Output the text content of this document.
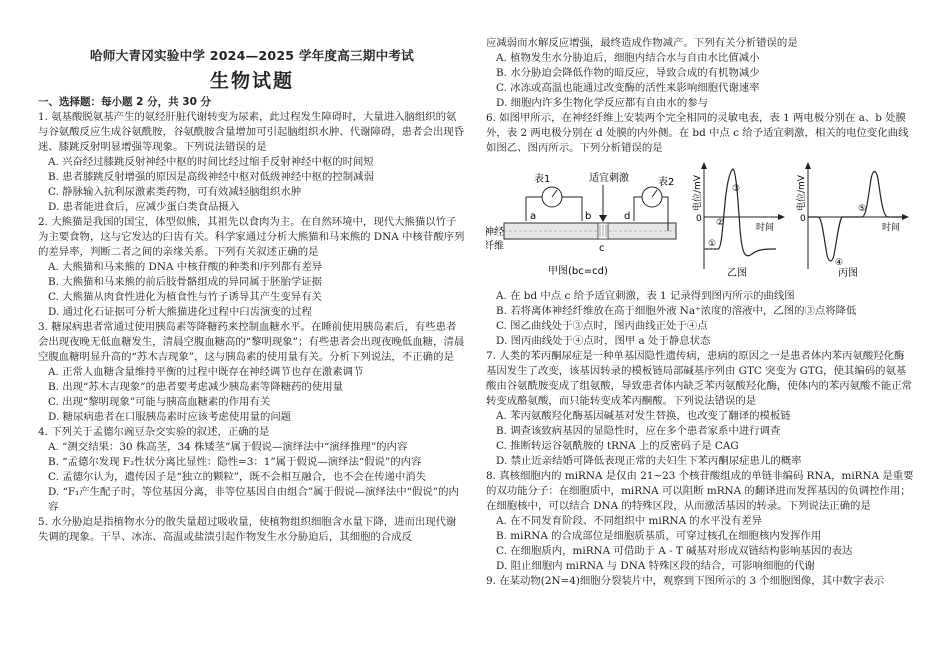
哈师大青冈实验中学 2024—2025 学年度高三期中考试
生物试题

一、选择题：每小题 2 分，共 30 分

1. 氨基酸脱氨基产生的氨经肝脏代谢转变为尿素，此过程发生障碍时，大量进入脑组织的氨与谷氨酸反应生成谷氨酰胺，谷氨酰胺含量增加可引起脑组织水肿、代谢障碍，患者会出现昏迷、膝跳反射明显增强等现象。下列说法错误的是

A. 兴奋经过膝跳反射神经中枢的时间比经过缩手反射神经中枢的时间短

B. 患者膝跳反射增强的原因是高级神经中枢对低级神经中枢的控制减弱

C. 静脉输入抗利尿激素类药物，可有效减轻脑组织水肿

D. 患者能进食后，应减少蛋白类食品摄入

2. 大熊猫是我国的国宝，体型似熊，其祖先以食肉为主。在自然环境中，现代大熊猫以竹子为主要食物，这与它发达的臼齿有关。科学家通过分析大熊猫和马来熊的 DNA 中核苷酸序列的差异率，判断二者之间的亲缘关系。下列有关叙述正确的是

A. 大熊猫和马来熊的 DNA 中核苷酸的种类和序列都有差异

B. 大熊猫和马来熊的前后肢骨骼组成的异同属于胚胎学证据

C. 大熊猫从肉食性进化为植食性与竹子诱导其产生变异有关

D. 通过化石证据可分析大熊猫进化过程中臼齿演变的过程

3. 糖尿病患者常通过使用胰岛素等降糖药来控制血糖水平。在睡前使用胰岛素后，有些患者会出现夜晚无低血糖发生，清晨空腹血糖高的“黎明现象”；有些患者会出现夜晚低血糖，清晨空腹血糖明显升高的“苏木吉现象”，这与胰岛素的使用量有关。分析下列说法，不正确的是

A. 正常人血糖含量维持平衡的过程中既存在神经调节也存在激素调节

B. 出现“苏木吉现象”的患者要考虑减少胰岛素等降糖药的使用量

C. 出现“黎明现象”可能与胰高血糖素的作用有关

D. 糖尿病患者在口服胰岛素时应该考虑使用量的问题

4. 下列关于孟德尔豌豆杂交实验的叙述，正确的是

A. “测交结果：30 株高茎，34 株矮茎”属于假说—演绎法中“演绎推理”的内容

B. “孟德尔发现 F₂性状分离比显性：隐性=3：1”属于假说—演绎法“假说”的内容

C. 孟德尔认为，遗传因子是“独立的颗粒”，既不会相互融合，也不会在传递中消失

D. “F₁产生配子时，等位基因分离，非等位基因自由组合”属于假说—演绎法中“假说”的内容

5. 水分胁迫是指植物水分的散失量超过吸收量，使植物组织细胞含水量下降，进而出现代谢失调的现象。干旱、冰冻、高温或盐渍引起作物发生水分胁迫后，其细胞的合成反

应减弱而水解反应增强，最终造成作物减产。下列有关分析错误的是

A. 植物发生水分胁迫后，细胞内结合水与自由水比值减小

B. 水分胁迫会降低作物的暗反应，导致合成的有机物减少

C. 冰冻或高温也能通过改变酶的活性来影响细胞代谢速率

D. 细胞内许多生物化学反应都有自由水的参与

6. 如图甲所示，在神经纤维上安装两个完全相同的灵敏电表，表 1 两电极分别在 a、b 处膜外，表 2 两电极分别在 d 处膜的内外侧。在 bd 中点 c 给予适宜刺激，相关的电位变化曲线如图乙、图丙所示。下列分析错误的是

适宜刺激
表1
a	b
c
表2
d
神经
纤维
甲图(bc=cd)
电位/mV
0
时间
①
②
③
乙图
电位/mV
0
时间
④
⑤
丙图

A. 在 bd 中点 c 给予适宜刺激，表 1 记录得到图丙所示的曲线图

B. 若将离体神经纤维放在高于细胞外液 Na⁺浓度的溶液中，乙图的③点将降低

C. 图乙曲线处于③点时，图丙曲线正处于④点

D. 图丙曲线处于④点时，图甲 a 处于静息状态

7. 人类的苯丙酮尿症是一种单基因隐性遗传病，患病的原因之一是患者体内苯丙氨酸羟化酶基因发生了改变，该基因转录的模板链局部碱基序列由 GTC 突变为 GTG，使其编码的氨基酸由谷氨酰胺变成了组氨酸，导致患者体内缺乏苯丙氨酸羟化酶，使体内的苯丙氨酸不能正常转变成酪氨酸，而只能转变成苯丙酮酸。下列说法错误的是

A. 苯丙氨酸羟化酶基因碱基对发生替换，也改变了翻译的模板链

B. 调查该致病基因的显隐性时，应在多个患者家系中进行调查

C. 推断转运谷氨酰胺的 tRNA 上的反密码子是 CAG

D. 禁止近亲结婚可降低表现正常的夫妇生下苯丙酮尿症患儿的概率

8. 真核细胞内的 miRNA 是仅由 21~23 个核苷酸组成的单链非编码 RNA，miRNA 是重要的双功能分子：在细胞质中，miRNA 可以阻断 mRNA 的翻译进而发挥基因的负调控作用；在细胞核中，可以结合 DNA 的特殊区段，从而激活基因的转录。下列说法正确的是

A. 在不同发育阶段、不同组织中 miRNA 的水平没有差异

B. miRNA 的合成部位是细胞质基质，可穿过核孔在细胞核内发挥作用

C. 在细胞质内，miRNA 可借助于 A - T 碱基对形成双链结构影响基因的表达

D. 阻止细胞内 miRNA 与 DNA 特殊区段的结合，可影响细胞的代谢

9. 在某动物(2N=4)细胞分裂装片中，观察到下图所示的 3 个细胞图像，其中数字表示
